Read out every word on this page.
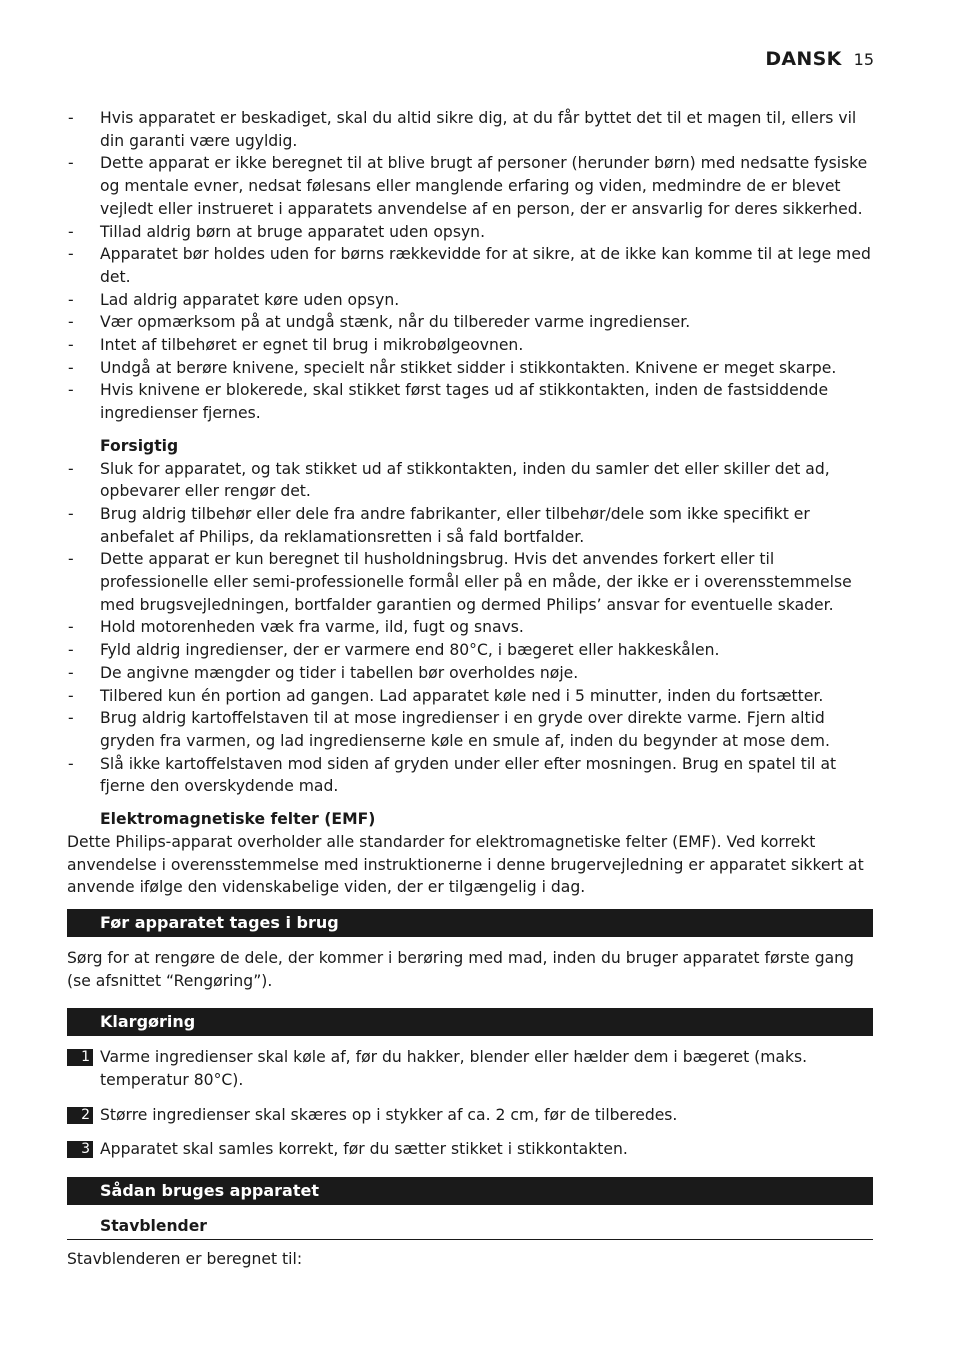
DANSK 15
- Hvis apparatet er beskadiget, skal du altid sikre dig, at du får byttet det til et magen til, ellers vil din garanti være ugyldig.
- Dette apparat er ikke beregnet til at blive brugt af personer (herunder børn) med nedsatte fysiske og mentale evner, nedsat følesans eller manglende erfaring og viden, medmindre de er blevet vejledt eller instrueret i apparatets anvendelse af en person, der er ansvarlig for deres sikkerhed.
- Tillad aldrig børn at bruge apparatet uden opsyn.
- Apparatet bør holdes uden for børns rækkevidde for at sikre, at de ikke kan komme til at lege med det.
- Lad aldrig apparatet køre uden opsyn.
- Vær opmærksom på at undgå stænk, når du tilbereder varme ingredienser.
- Intet af tilbehøret er egnet til brug i mikrobølgeovnen.
- Undgå at berøre knivene, specielt når stikket sidder i stikkontakten. Knivene er meget skarpe.
- Hvis knivene er blokerede, skal stikket først tages ud af stikkontakten, inden de fastsiddende ingredienser fjernes.
Forsigtig
- Sluk for apparatet, og tak stikket ud af stikkontakten, inden du samler det eller skiller det ad, opbevarer eller rengør det.
- Brug aldrig tilbehør eller dele fra andre fabrikanter, eller tilbehør/dele som ikke specifikt er anbefalet af Philips, da reklamationsretten i så fald bortfalder.
- Dette apparat er kun beregnet til husholdningsbrug. Hvis det anvendes forkert eller til professionelle eller semi-professionelle formål eller på en måde, der ikke er i overensstemmelse med brugsvejledningen, bortfalder garantien og dermed Philips’ ansvar for eventuelle skader.
- Hold motorenheden væk fra varme, ild, fugt og snavs.
- Fyld aldrig ingredienser, der er varmere end 80°C, i bægeret eller hakkeskålen.
- De angivne mængder og tider i tabellen bør overholdes nøje.
- Tilbered kun én portion ad gangen. Lad apparatet køle ned i 5 minutter, inden du fortsætter.
- Brug aldrig kartoffelstaven til at mose ingredienser i en gryde over direkte varme. Fjern altid gryden fra varmen, og lad ingredienserne køle en smule af, inden du begynder at mose dem.
- Slå ikke kartoffelstaven mod siden af gryden under eller efter mosningen. Brug en spatel til at fjerne den overskydende mad.
Elektromagnetiske felter (EMF)

Dette Philips-apparat overholder alle standarder for elektromagnetiske felter (EMF). Ved korrekt anvendelse i overensstemmelse med instruktionerne i denne brugervejledning er apparatet sikkert at anvende ifølge den videnskabelige viden, der er tilgængelig i dag.

Før apparatet tages i brug

Sørg for at rengøre de dele, der kommer i berøring med mad, inden du bruger apparatet første gang (se afsnittet “Rengøring”).

Klargøring
1 Varme ingredienser skal køle af, før du hakker, blender eller hælder dem i bægeret (maks. temperatur 80°C).
2 Større ingredienser skal skæres op i stykker af ca. 2 cm, før de tilberedes.
3 Apparatet skal samles korrekt, før du sætter stikket i stikkontakten.
Sådan bruges apparatet
Stavblender

Stavblenderen er beregnet til:
